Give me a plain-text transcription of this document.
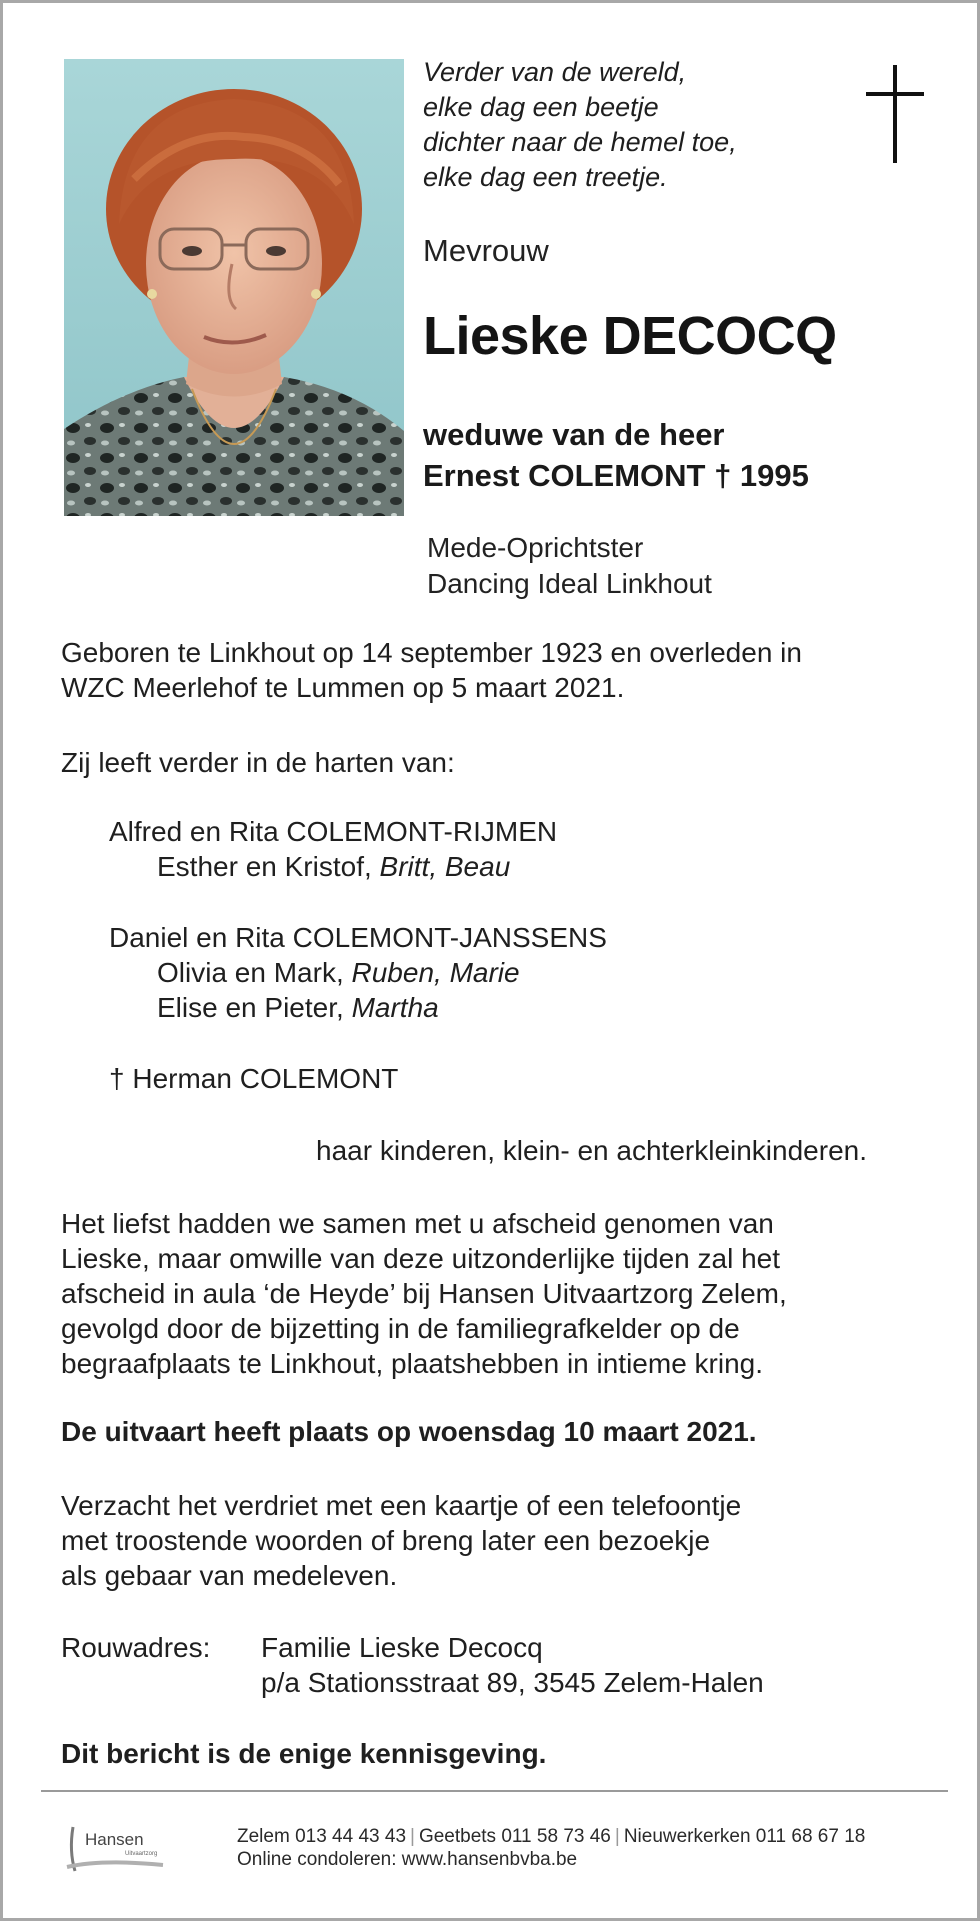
Verder van de wereld,
elke dag een beetje
dichter naar de hemel toe,
elke dag een treetje.
Mevrouw
Lieske DECOCQ
weduwe van de heer
Ernest COLEMONT † 1995
Mede-Oprichtster
Dancing Ideal Linkhout
Geboren te Linkhout op 14 september 1923 en overleden in
WZC Meerlehof te Lummen op 5 maart 2021.
Zij leeft verder in de harten van:
Alfred en Rita COLEMONT-RIJMEN
Esther en Kristof, Britt, Beau
Daniel en Rita COLEMONT-JANSSENS
Olivia en Mark, Ruben, Marie
Elise en Pieter, Martha
† Herman COLEMONT
haar kinderen, klein- en achterkleinkinderen.
Het liefst hadden we samen met u afscheid genomen van
Lieske, maar omwille van deze uitzonderlijke tijden zal het
afscheid in aula ‘de Heyde’ bij Hansen Uitvaartzorg Zelem,
gevolgd door de bijzetting in de familiegrafkelder op de
begraafplaats te Linkhout, plaatshebben in intieme kring.
De uitvaart heeft plaats op woensdag 10 maart 2021.
Verzacht het verdriet met een kaartje of een telefoontje
met troostende woorden of breng later een bezoekje
als gebaar van medeleven.
Rouwadres: Familie Lieske Decocq
p/a Stationsstraat 89, 3545 Zelem-Halen
Dit bericht is de enige kennisgeving.
Hansen
Uitvaartzorg
Zelem 013 44 43 43 | Geetbets 011 58 73 46 | Nieuwerkerken 011 68 67 18
Online condoleren: www.hansenbvba.be
